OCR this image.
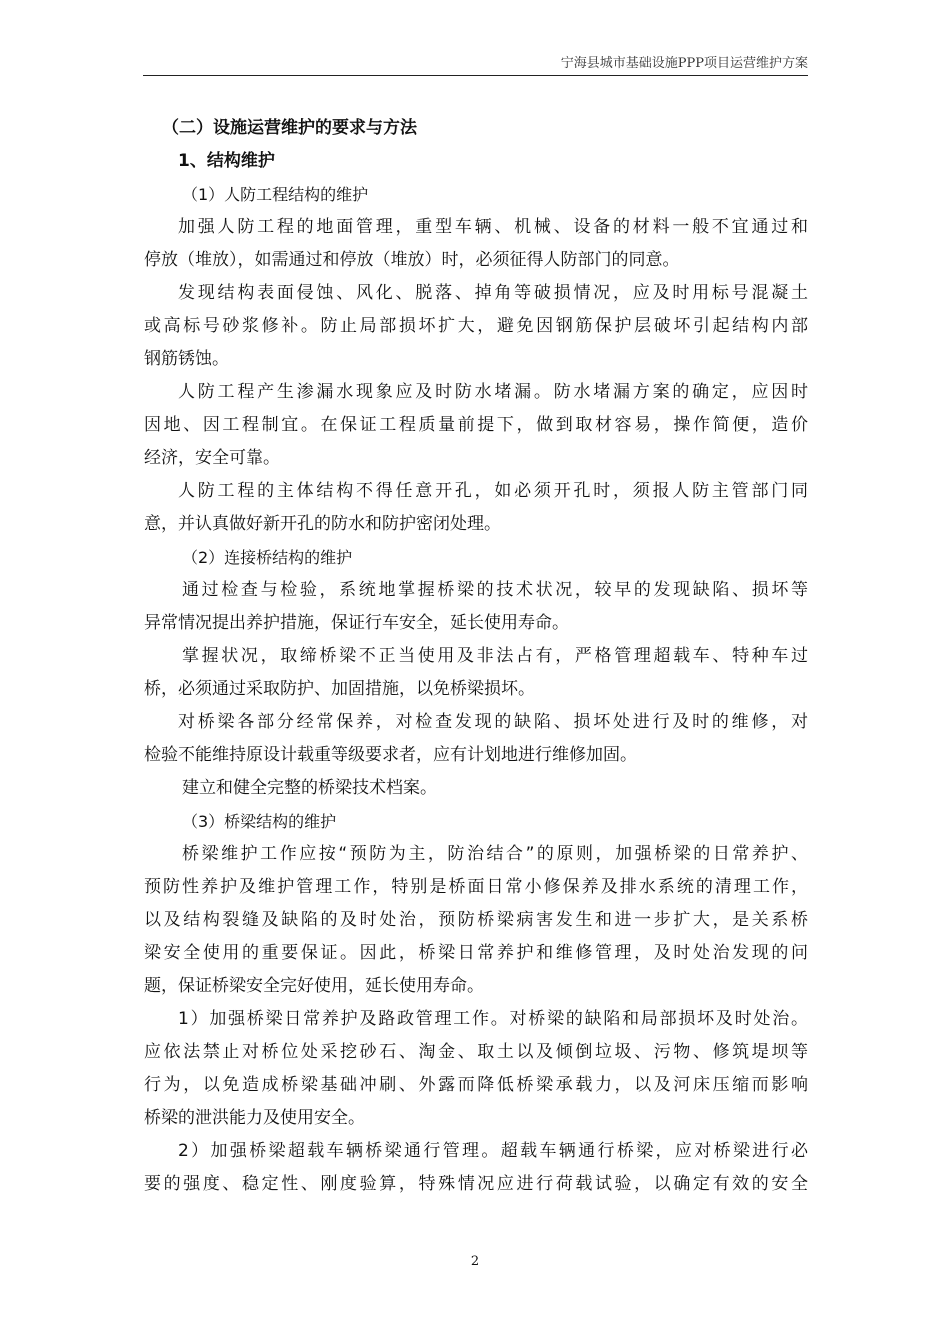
宁海县城市基础设施PPP项目运营维护方案
（二）设施运营维护的要求与方法
1、结构维护
（1）人防工程结构的维护
加强人防工程的地面管理，重型车辆、机械、设备的材料一般不宜通过和
停放（堆放），如需通过和停放（堆放）时，必须征得人防部门的同意。
发现结构表面侵蚀、风化、脱落、掉角等破损情况，应及时用标号混凝土
或高标号砂浆修补。防止局部损坏扩大，避免因钢筋保护层破坏引起结构内部
钢筋锈蚀。
人防工程产生渗漏水现象应及时防水堵漏。防水堵漏方案的确定，应因时
因地、因工程制宜。在保证工程质量前提下，做到取材容易，操作简便，造价
经济，安全可靠。
人防工程的主体结构不得任意开孔，如必须开孔时，须报人防主管部门同
意，并认真做好新开孔的防水和防护密闭处理。
（2）连接桥结构的维护
通过检查与检验，系统地掌握桥梁的技术状况，较早的发现缺陷、损坏等
异常情况提出养护措施，保证行车安全，延长使用寿命。
掌握状况，取缔桥梁不正当使用及非法占有，严格管理超载车、特种车过
桥，必须通过采取防护、加固措施，以免桥梁损坏。
对桥梁各部分经常保养，对检查发现的缺陷、损坏处进行及时的维修，对
检验不能维持原设计载重等级要求者，应有计划地进行维修加固。
建立和健全完整的桥梁技术档案。
（3）桥梁结构的维护
桥梁维护工作应按“预防为主，防治结合”的原则，加强桥梁的日常养护、
预防性养护及维护管理工作，特别是桥面日常小修保养及排水系统的清理工作，
以及结构裂缝及缺陷的及时处治，预防桥梁病害发生和进一步扩大，是关系桥
梁安全使用的重要保证。因此，桥梁日常养护和维修管理，及时处治发现的问
题，保证桥梁安全完好使用，延长使用寿命。
1）加强桥梁日常养护及路政管理工作。对桥梁的缺陷和局部损坏及时处治。
应依法禁止对桥位处采挖砂石、淘金、取土以及倾倒垃圾、污物、修筑堤坝等
行为，以免造成桥梁基础冲刷、外露而降低桥梁承载力，以及河床压缩而影响
桥梁的泄洪能力及使用安全。
2）加强桥梁超载车辆桥梁通行管理。超载车辆通行桥梁，应对桥梁进行必
要的强度、稳定性、刚度验算，特殊情况应进行荷载试验，以确定有效的安全
2
